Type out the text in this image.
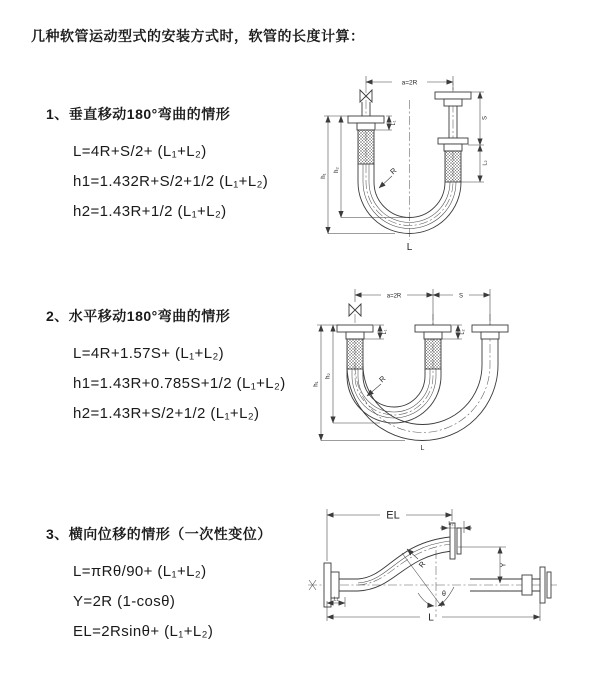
几种软管运动型式的安装方式时，软管的长度计算：
1、垂直移动180°弯曲的情形
L=4R+S/2+ (L₁+L₂)
h1=1.432R+S/2+1/2 (L₁+L₂)
h2=1.43R+1/2 (L₁+L₂)
2、水平移动180°弯曲的情形
L=4R+1.57S+ (L₁+L₂)
h1=1.43R+0.785S+1/2 (L₁+L₂)
h2=1.43R+S/2+1/2 (L₁+L₂)
3、横向位移的情形（一次性变位）
L=πRθ/90+ (L₁+L₂)
Y=2R (1-cosθ)
EL=2Rsinθ+ (L₁+L₂)
a=2R
S
L₂
L₁
h₂
h₁	R
L
a=2R	S
h₂
h₁
L₁	L₂
R
L
θ
EL
L₂
Y
R
L
L₁
